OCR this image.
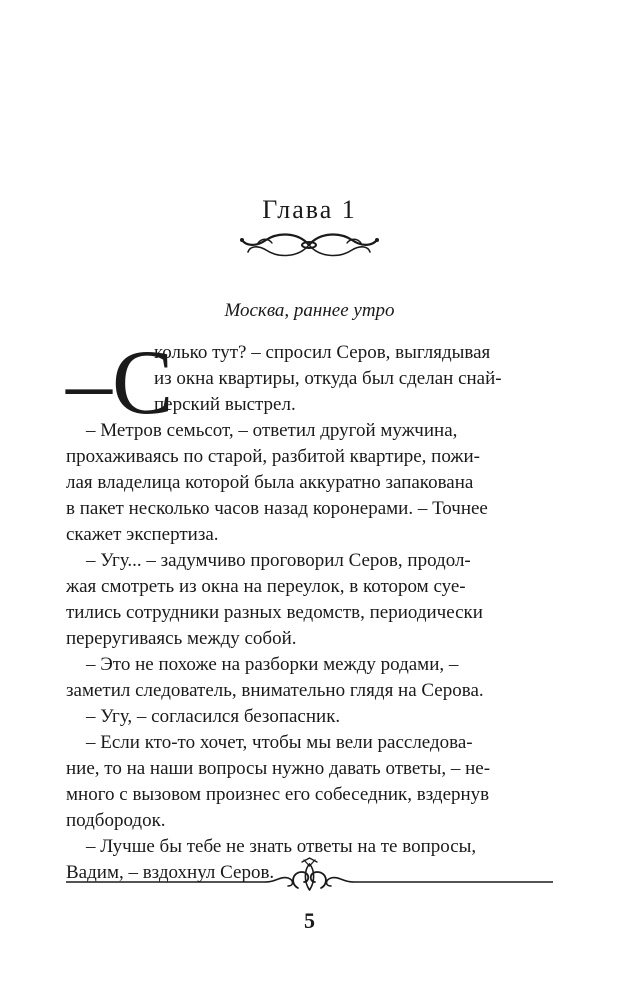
Глава 1
Москва, раннее утро
–С
колько тут? – спросил Серов, выглядывая
из окна квартиры, откуда был сделан снай-
перский выстрел.
– Метров семьсот, – ответил другой мужчина,
прохаживаясь по старой, разбитой квартире, пожи-
лая владелица которой была аккуратно запакована
в пакет несколько часов назад коронерами. – Точнее
скажет экспертиза.
– Угу... – задумчиво проговорил Серов, продол-
жая смотреть из окна на переулок, в котором суе-
тились сотрудники разных ведомств, периодически
переругиваясь между собой.
– Это не похоже на разборки между родами, –
заметил следователь, внимательно глядя на Серова.
– Угу, – согласился безопасник.
– Если кто-то хочет, чтобы мы вели расследова-
ние, то на наши вопросы нужно давать ответы, – не-
много с вызовом произнес его собеседник, вздернув
подбородок.
– Лучше бы тебе не знать ответы на те вопросы,
Вадим, – вздохнул Серов.
5
